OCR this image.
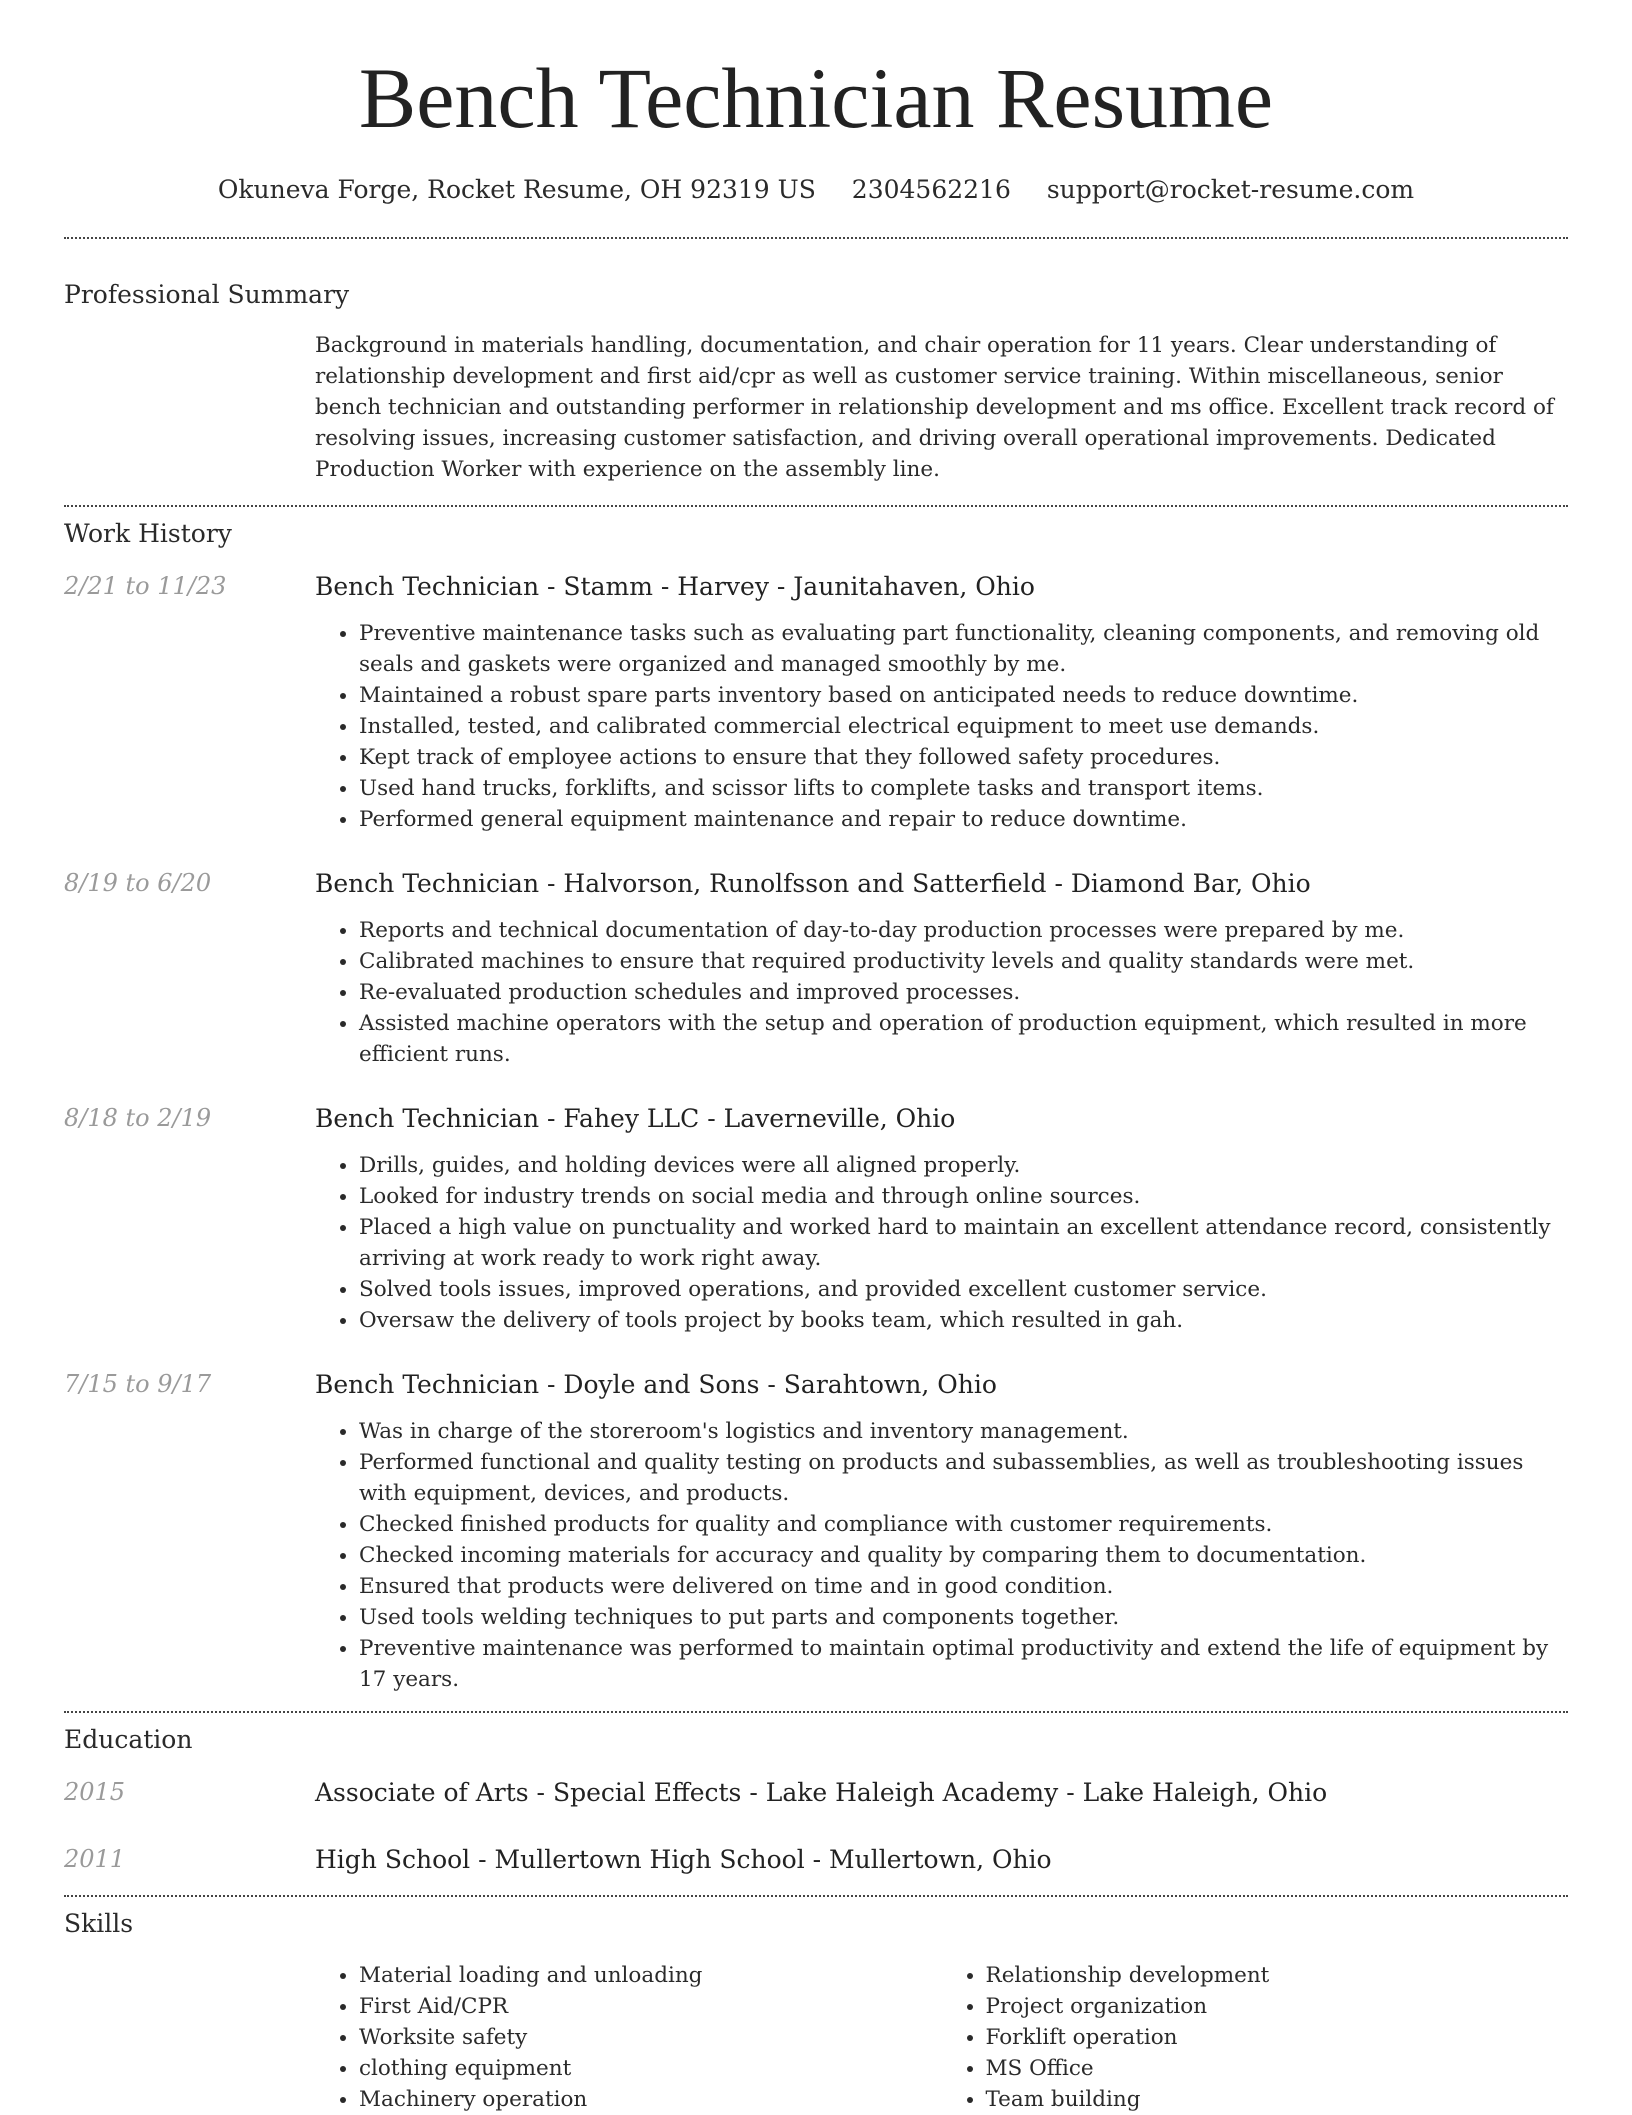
Bench Technician Resume
Okuneva Forge, Rocket Resume, OH 92319 US 2304562216 support@rocket-resume.com
Professional Summary

Background in materials handling, documentation, and chair operation for 11 years. Clear understanding of relationship development and first aid/cpr as well as customer service training. Within miscellaneous, senior bench technician and outstanding performer in relationship development and ms office. Excellent track record of resolving issues, increasing customer satisfaction, and driving overall operational improvements. Dedicated Production Worker with experience on the assembly line.

Work History
2/21 to 11/23	Bench Technician - Stamm - Harvey - Jaunitahaven, Ohio
• Preventive maintenance tasks such as evaluating part functionality, cleaning components, and removing old seals and gaskets were organized and managed smoothly by me.
• Maintained a robust spare parts inventory based on anticipated needs to reduce downtime.
• Installed, tested, and calibrated commercial electrical equipment to meet use demands.
• Kept track of employee actions to ensure that they followed safety procedures.
• Used hand trucks, forklifts, and scissor lifts to complete tasks and transport items.
• Performed general equipment maintenance and repair to reduce downtime.
8/19 to 6/20	Bench Technician - Halvorson, Runolfsson and Satterfield - Diamond Bar, Ohio
• Reports and technical documentation of day-to-day production processes were prepared by me.
• Calibrated machines to ensure that required productivity levels and quality standards were met.
• Re-evaluated production schedules and improved processes.
• Assisted machine operators with the setup and operation of production equipment, which resulted in more efficient runs.
8/18 to 2/19	Bench Technician - Fahey LLC - Laverneville, Ohio
• Drills, guides, and holding devices were all aligned properly.
• Looked for industry trends on social media and through online sources.
• Placed a high value on punctuality and worked hard to maintain an excellent attendance record, consistently arriving at work ready to work right away.
• Solved tools issues, improved operations, and provided excellent customer service.
• Oversaw the delivery of tools project by books team, which resulted in gah.
7/15 to 9/17	Bench Technician - Doyle and Sons - Sarahtown, Ohio
• Was in charge of the storeroom's logistics and inventory management.
• Performed functional and quality testing on products and subassemblies, as well as troubleshooting issues with equipment, devices, and products.
• Checked finished products for quality and compliance with customer requirements.
• Checked incoming materials for accuracy and quality by comparing them to documentation.
• Ensured that products were delivered on time and in good condition.
• Used tools welding techniques to put parts and components together.
• Preventive maintenance was performed to maintain optimal productivity and extend the life of equipment by 17 years.
Education
2015	Associate of Arts - Special Effects - Lake Haleigh Academy - Lake Haleigh, Ohio
2011	High School - Mullertown High School - Mullertown, Ohio
Skills
• Material loading and unloading
• First Aid/CPR
• Worksite safety
• clothing equipment
• Machinery operation
• Relationship development
• Project organization
• Forklift operation
• MS Office
• Team building
